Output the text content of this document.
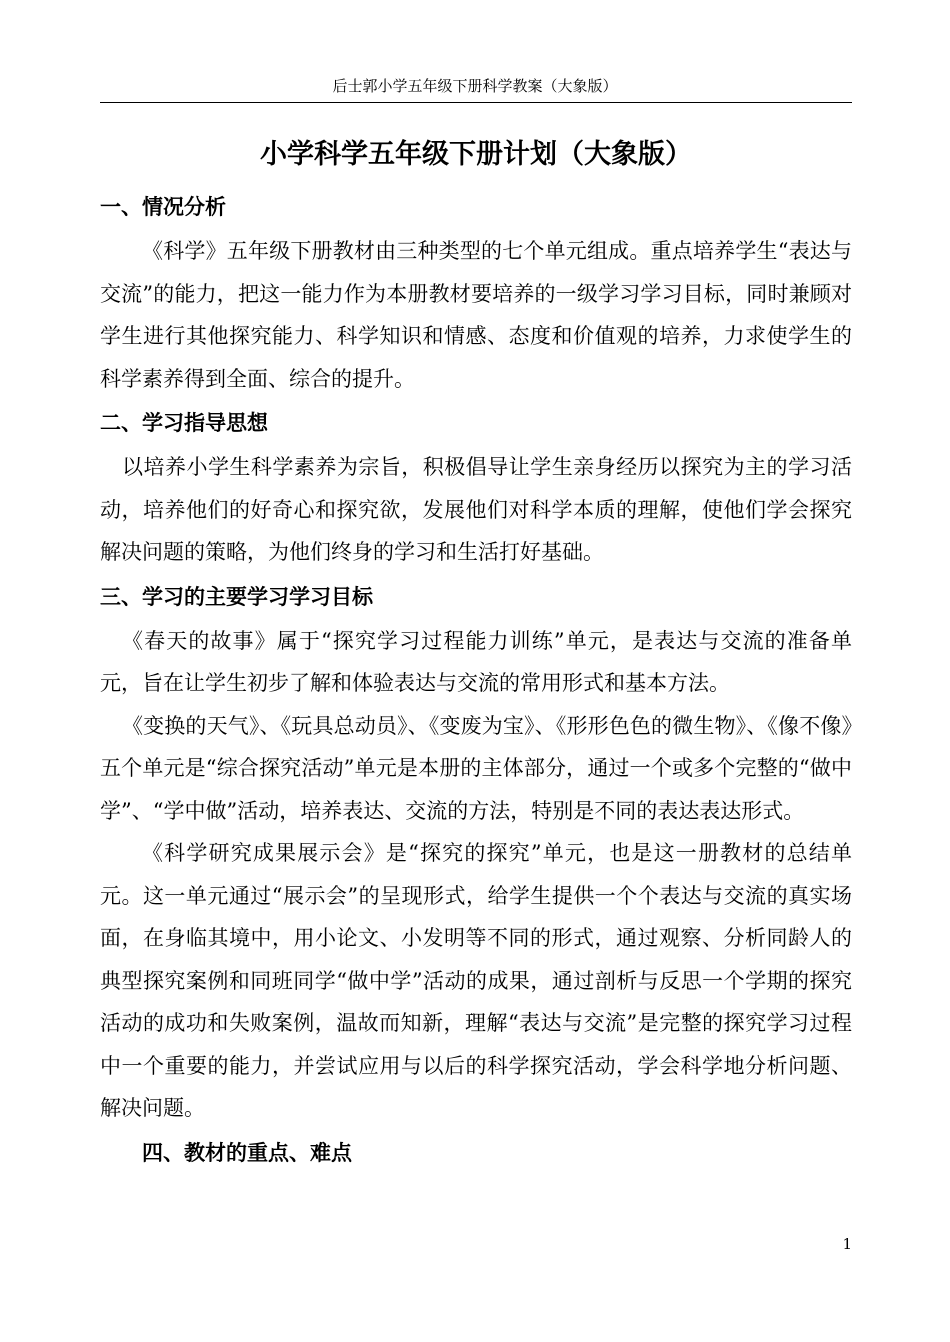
后士郭小学五年级下册科学教案（大象版）
小学科学五年级下册计划（大象版）
一、情况分析

《科学》五年级下册教材由三种类型的七个单元组成。重点培养学生“表达与交流”的能力，把这一能力作为本册教材要培养的一级学习学习目标，同时兼顾对学生进行其他探究能力、科学知识和情感、态度和价值观的培养，力求使学生的科学素养得到全面、综合的提升。

二、学习指导思想

以培养小学生科学素养为宗旨，积极倡导让学生亲身经历以探究为主的学习活动，培养他们的好奇心和探究欲，发展他们对科学本质的理解，使他们学会探究解决问题的策略，为他们终身的学习和生活打好基础。

三、学习的主要学习学习目标

《春天的故事》属于“探究学习过程能力训练”单元，是表达与交流的准备单元，旨在让学生初步了解和体验表达与交流的常用形式和基本方法。

《变换的天气》、《玩具总动员》、《变废为宝》、《形形色色的微生物》、《像不像》五个单元是“综合探究活动”单元是本册的主体部分，通过一个或多个完整的“做中学”、“学中做”活动，培养表达、交流的方法，特别是不同的表达表达形式。

《科学研究成果展示会》是“探究的探究”单元，也是这一册教材的总结单元。这一单元通过“展示会”的呈现形式，给学生提供一个个表达与交流的真实场面，在身临其境中，用小论文、小发明等不同的形式，通过观察、分析同龄人的典型探究案例和同班同学“做中学”活动的成果，通过剖析与反思一个学期的探究活动的成功和失败案例，温故而知新，理解“表达与交流”是完整的探究学习过程中一个重要的能力，并尝试应用与以后的科学探究活动，学会科学地分析问题、解决问题。

四、教材的重点、难点
1
